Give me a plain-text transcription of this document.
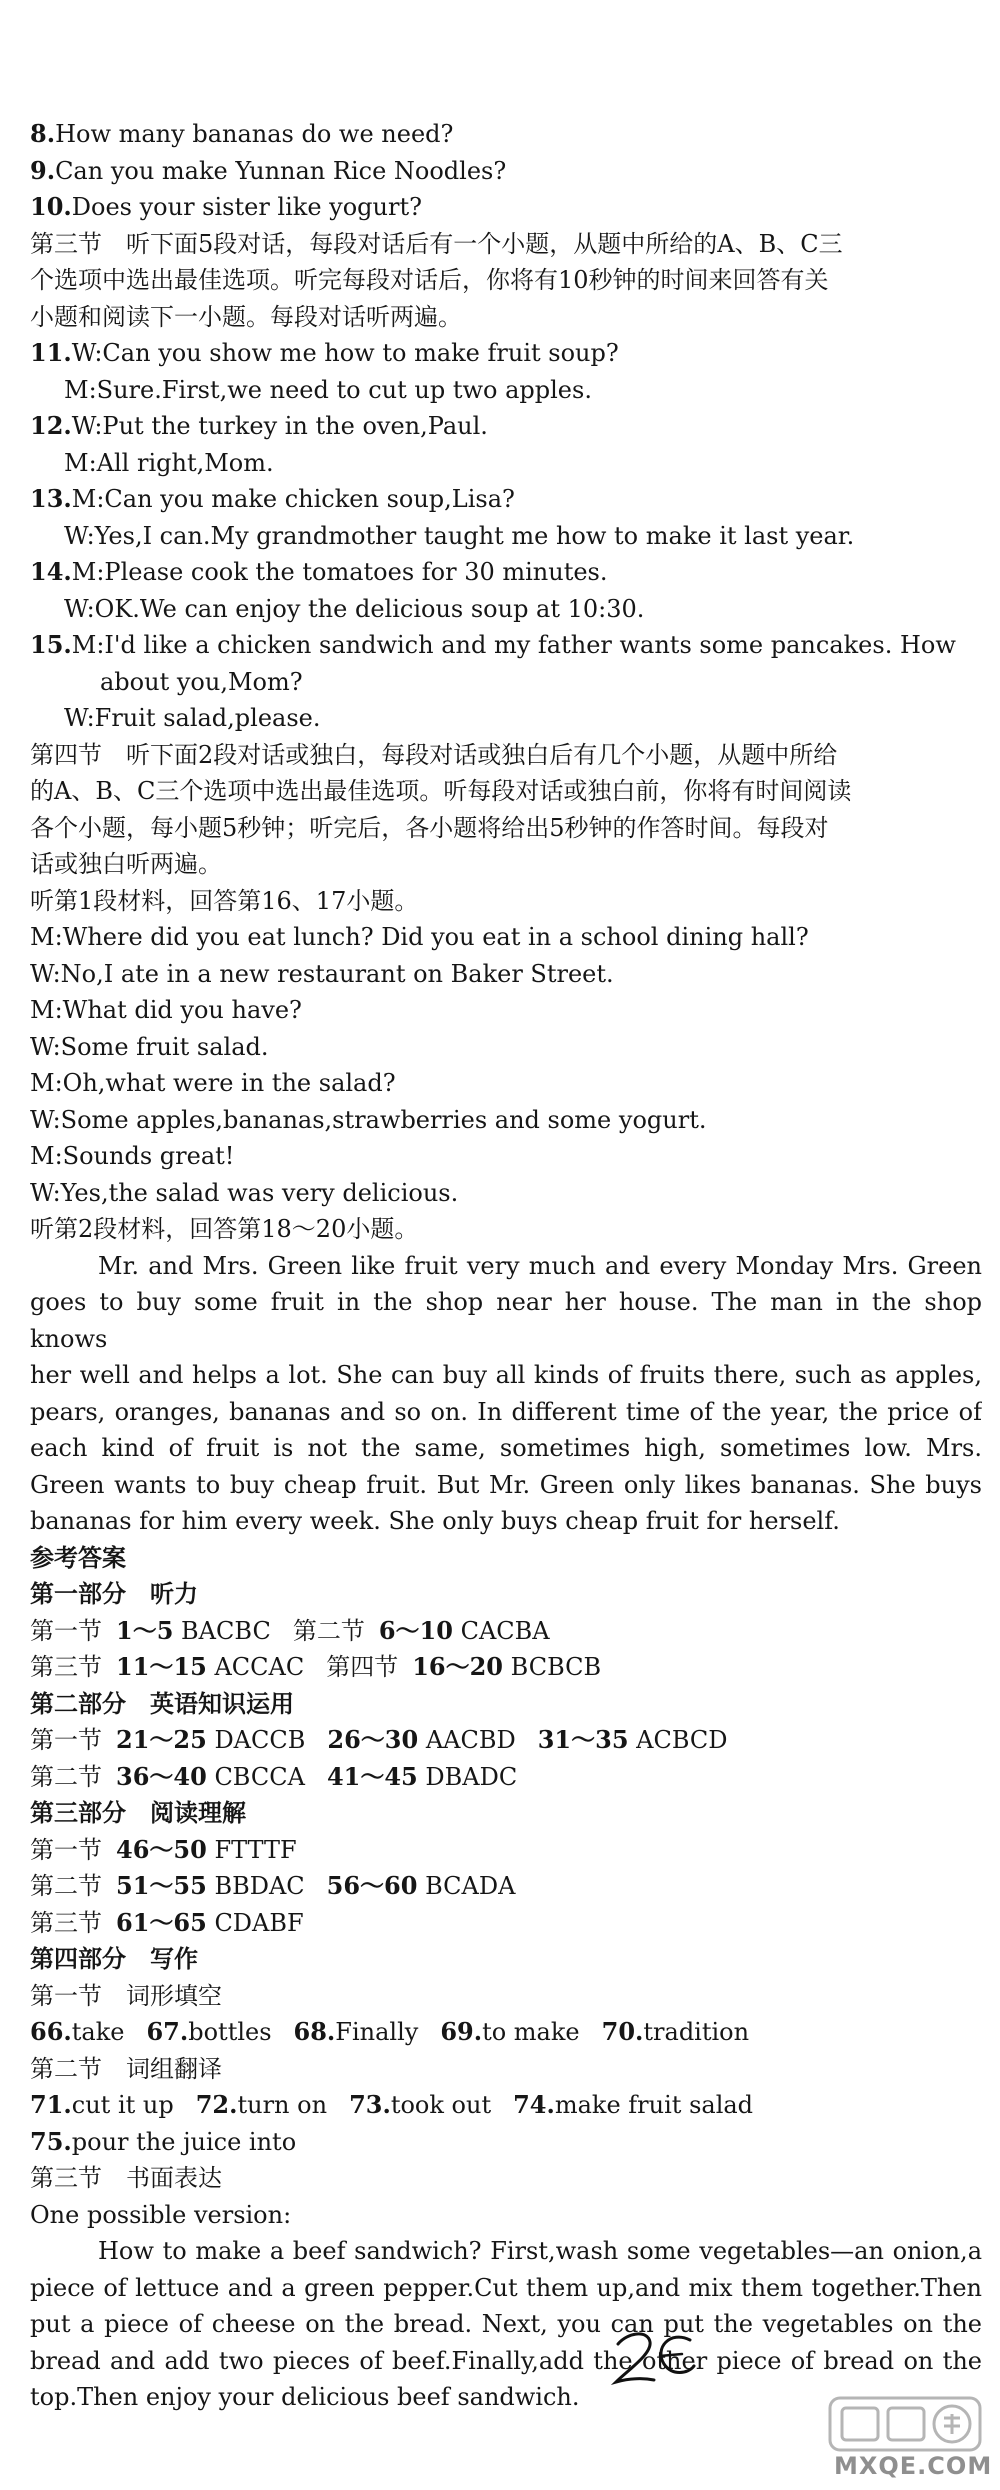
8.How many bananas do we need?
9.Can you make Yunnan Rice Noodles?
10.Does your sister like yogurt?
第三节　听下面5段对话，每段对话后有一个小题，从题中所给的A、B、C三
个选项中选出最佳选项。听完每段对话后，你将有10秒钟的时间来回答有关
小题和阅读下一小题。每段对话听两遍。
11.W:Can you show me how to make fruit soup?
M:Sure.First,we need to cut up two apples.
12.W:Put the turkey in the oven,Paul.
M:All right,Mom.
13.M:Can you make chicken soup,Lisa?
W:Yes,I can.My grandmother taught me how to make it last year.
14.M:Please cook the tomatoes for 30 minutes.
W:OK.We can enjoy the delicious soup at 10:30.
15.M:I'd like a chicken sandwich and my father wants some pancakes. How
about you,Mom?
W:Fruit salad,please.
第四节　听下面2段对话或独白，每段对话或独白后有几个小题，从题中所给
的A、B、C三个选项中选出最佳选项。听每段对话或独白前，你将有时间阅读
各个小题，每小题5秒钟；听完后，各小题将给出5秒钟的作答时间。每段对
话或独白听两遍。
听第1段材料，回答第16、17小题。
M:Where did you eat lunch? Did you eat in a school dining hall?
W:No,I ate in a new restaurant on Baker Street.
M:What did you have?
W:Some fruit salad.
M:Oh,what were in the salad?
W:Some apples,bananas,strawberries and some yogurt.
M:Sounds great!
W:Yes,the salad was very delicious.
听第2段材料，回答第18～20小题。
Mr. and Mrs. Green like fruit very much and every Monday Mrs. Green
goes to buy some fruit in the shop near her house. The man in the shop knows
her well and helps a lot. She can buy all kinds of fruits there, such as apples,
pears, oranges, bananas and so on. In different time of the year, the price of
each kind of fruit is not the same, sometimes high, sometimes low. Mrs.
Green wants to buy cheap fruit. But Mr. Green only likes bananas. She buys
bananas for him every week. She only buys cheap fruit for herself.
参考答案
第一部分　听力
第一节 1～5 BACBC 第二节 6～10 CACBA
第三节 11～15 ACCAC 第四节 16～20 BCBCB
第二部分　英语知识运用
第一节 21～25 DACCB 26～30 AACBD 31～35 ACBCD
第二节 36～40 CBCCA 41～45 DBADC
第三部分　阅读理解
第一节 46～50 FTTTF
第二节 51～55 BBDAC 56～60 BCADA
第三节 61～65 CDABF
第四部分　写作
第一节　 词形填空
66.take 67.bottles 68.Finally 69.to make 70.tradition
第二节　 词组翻译
71.cut it up 72.turn on 73.took out 74.make fruit salad
75.pour the juice into
第三节　 书面表达
One possible version:
How to make a beef sandwich? First,wash some vegetables—an onion,a
piece of lettuce and a green pepper.Cut them up,and mix them together.Then
put a piece of cheese on the bread. Next, you can put the vegetables on the
bread and add two pieces of beef.Finally,add the other piece of bread on the
top.Then enjoy your delicious beef sandwich.
MXQE.COM
